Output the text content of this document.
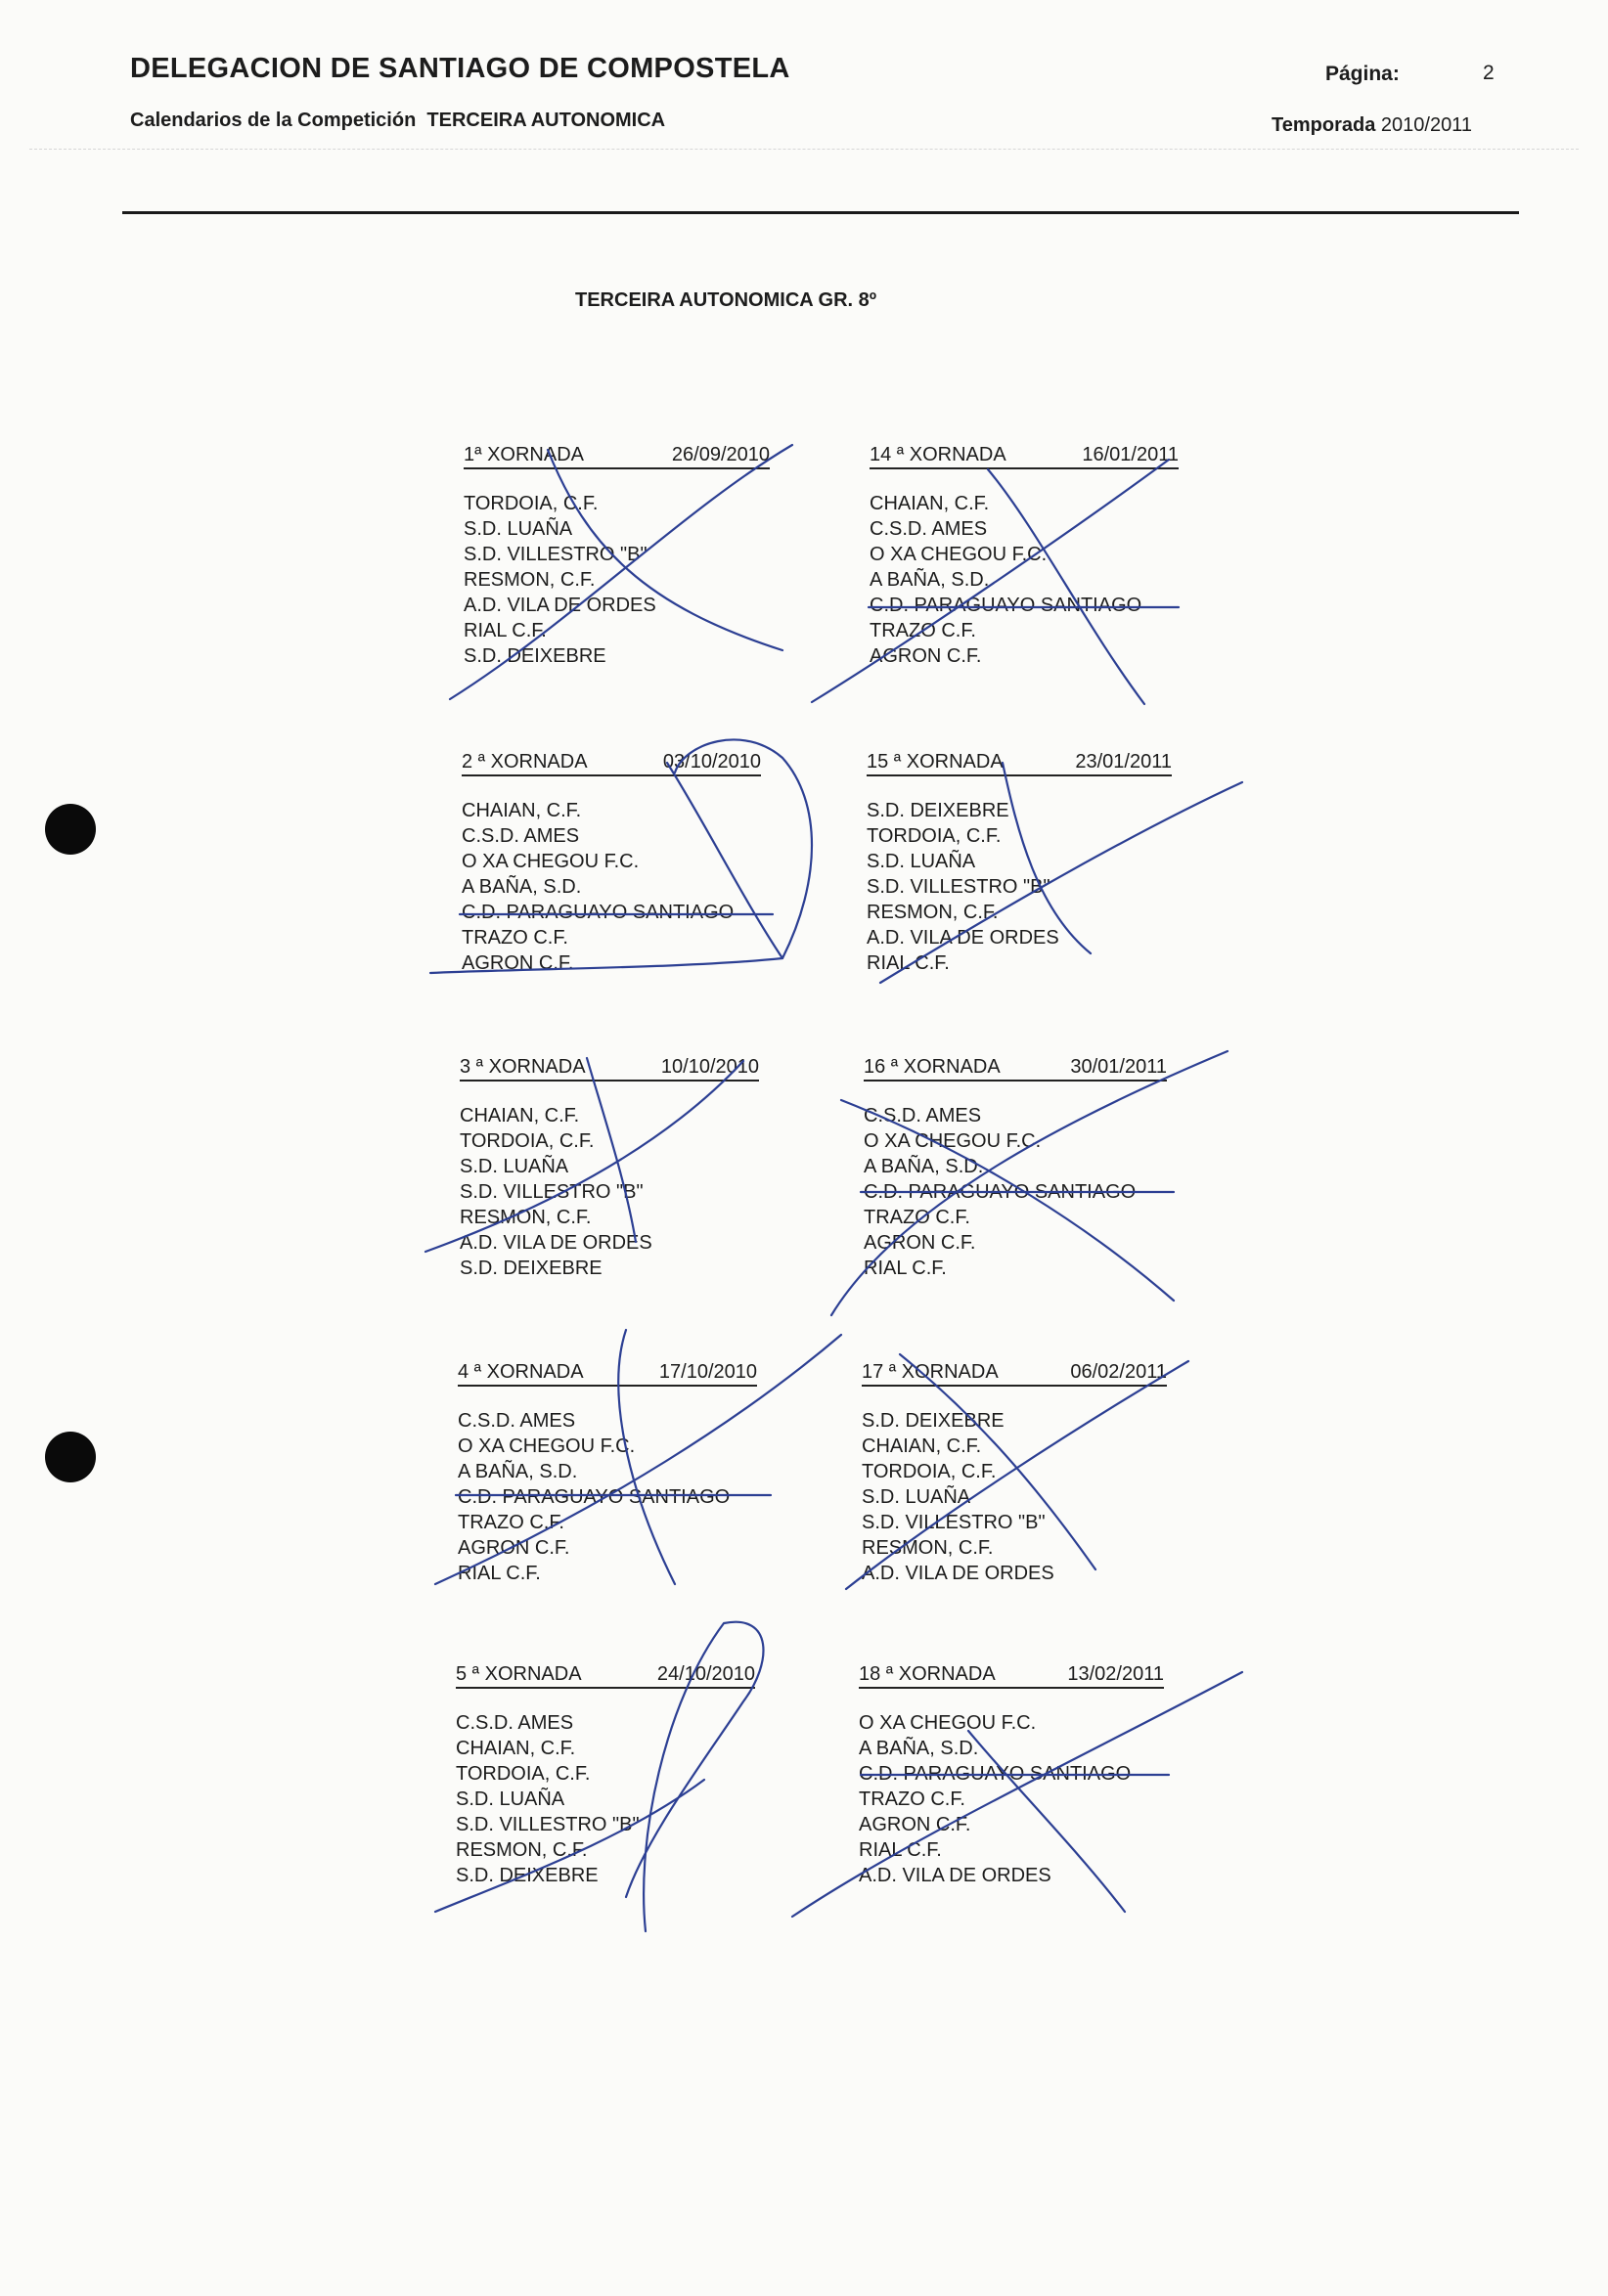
DELEGACION DE SANTIAGO DE COMPOSTELA
Calendarios de la Competición TERCEIRA AUTONOMICA
Página:	2
Temporada 2010/2011
TERCEIRA AUTONOMICA GR. 8º
1ª XORNADA	26/09/2010
TORDOIA, C.F.
S.D. LUAÑA
S.D. VILLESTRO "B"
RESMON, C.F.
A.D. VILA DE ORDES
RIAL C.F.
S.D. DEIXEBRE
14 ª XORNADA	16/01/2011
CHAIAN, C.F.
C.S.D. AMES
O XA CHEGOU F.C.
A BAÑA, S.D.
C.D. PARAGUAYO SANTIAGO
TRAZO C.F.
AGRON C.F.
2 ª XORNADA	03/10/2010
CHAIAN, C.F.
C.S.D. AMES
O XA CHEGOU F.C.
A BAÑA, S.D.
C.D. PARAGUAYO SANTIAGO
TRAZO C.F.
AGRON C.F.
15 ª XORNADA	23/01/2011
S.D. DEIXEBRE
TORDOIA, C.F.
S.D. LUAÑA
S.D. VILLESTRO "B"
RESMON, C.F.
A.D. VILA DE ORDES
RIAL C.F.
3 ª XORNADA	10/10/2010
CHAIAN, C.F.
TORDOIA, C.F.
S.D. LUAÑA
S.D. VILLESTRO "B"
RESMON, C.F.
A.D. VILA DE ORDES
S.D. DEIXEBRE
16 ª XORNADA	30/01/2011
C.S.D. AMES
O XA CHEGOU F.C.
A BAÑA, S.D.
C.D. PARAGUAYO SANTIAGO
TRAZO C.F.
AGRON C.F.
RIAL C.F.
4 ª XORNADA	17/10/2010
C.S.D. AMES
O XA CHEGOU F.C.
A BAÑA, S.D.
C.D. PARAGUAYO SANTIAGO
TRAZO C.F.
AGRON C.F.
RIAL C.F.
17 ª XORNADA	06/02/2011
S.D. DEIXEBRE
CHAIAN, C.F.
TORDOIA, C.F.
S.D. LUAÑA
S.D. VILLESTRO "B"
RESMON, C.F.
A.D. VILA DE ORDES
5 ª XORNADA	24/10/2010
C.S.D. AMES
CHAIAN, C.F.
TORDOIA, C.F.
S.D. LUAÑA
S.D. VILLESTRO "B"
RESMON, C.F.
S.D. DEIXEBRE
18 ª XORNADA	13/02/2011
O XA CHEGOU F.C.
A BAÑA, S.D.
C.D. PARAGUAYO SANTIAGO
TRAZO C.F.
AGRON C.F.
RIAL C.F.
A.D. VILA DE ORDES
